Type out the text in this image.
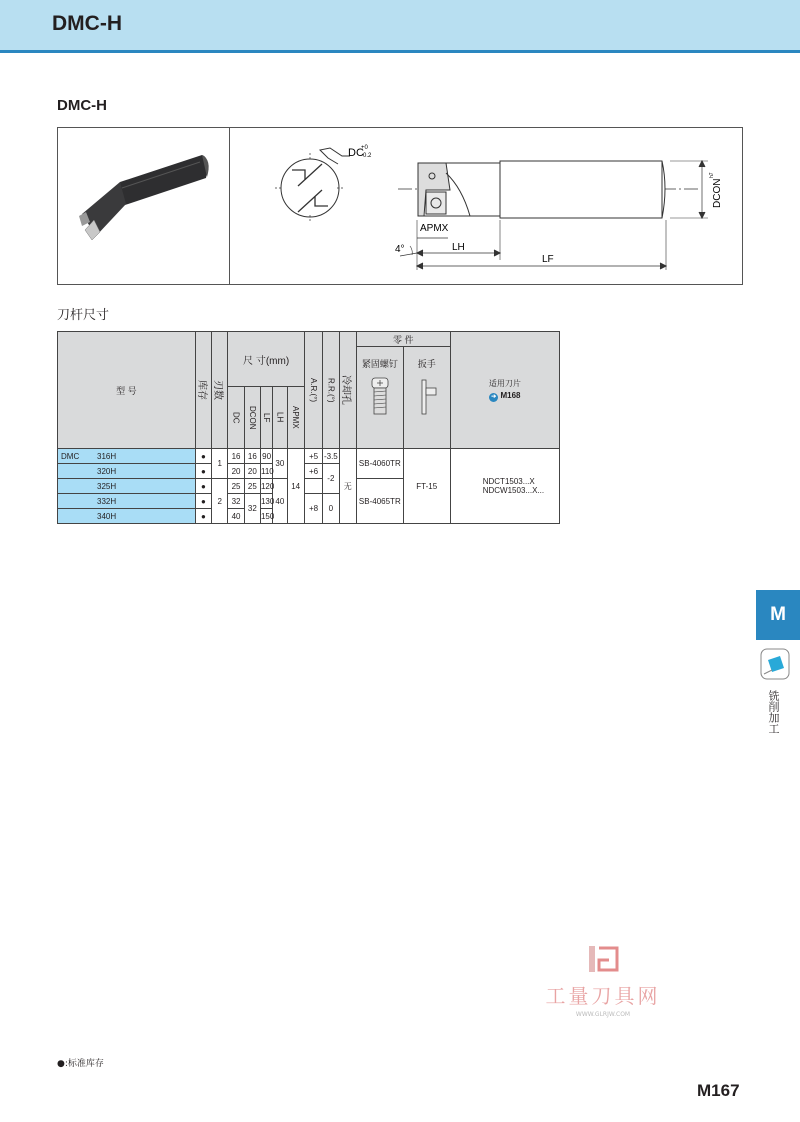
DMC-H
DMC-H
DC
+0
-0.2
DCON
h7
APMX
LH
LF
4°
刀杆尺寸
型 号	库存	刃数	尺 寸(mm)					A.R.(°)	R.R.(°)	冷却孔	零 件		适用刀片
➔ M168

											紧固螺钉	扳手	

			DC	DCON	LF	LH	APMX						
DMC 316H	●	1	16	16	90	30	14	+5	-3.5	无	SB-4060TR	FT-15	NDCT1503...X
NDCW1503...X...

320H	●		20	20	110			+6	-2				
325H	●	2	25	25	120	40					SB-4065TR		
332H	●		32	32	130			+8	0				
340H	●		40		150								
M
铣削加工
工量刀具网
WWW.GLRJW.COM
●:标准库存
M167
